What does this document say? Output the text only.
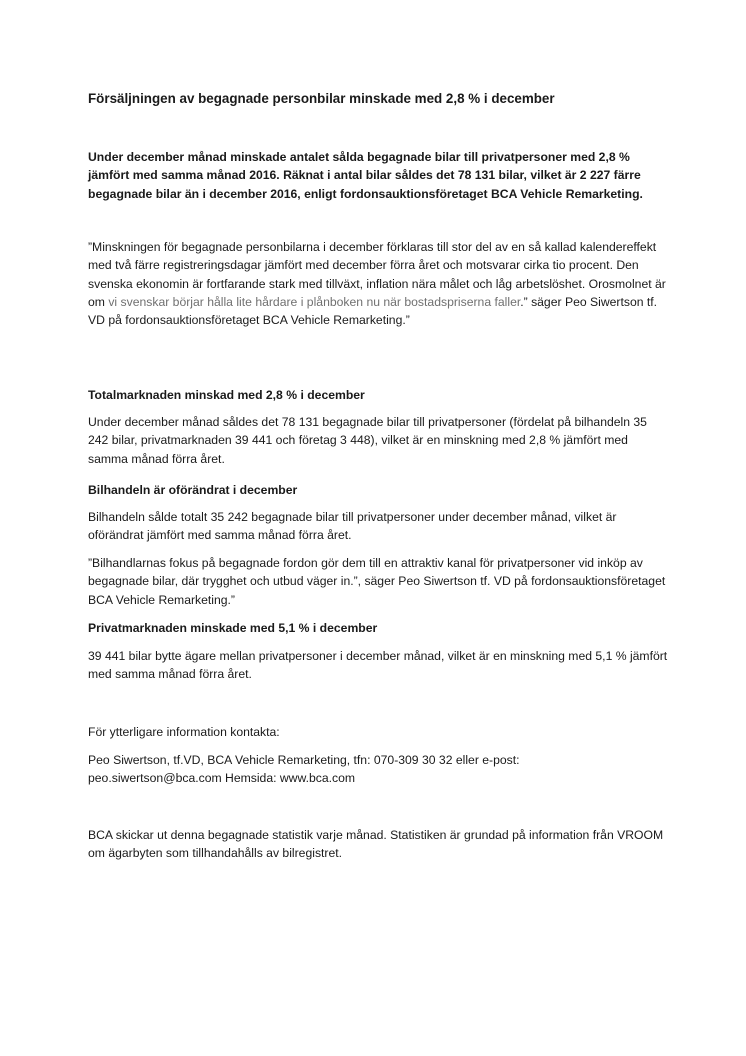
Försäljningen av begagnade personbilar minskade med 2,8 % i december

Under december månad minskade antalet sålda begagnade bilar till privatpersoner med 2,8 % jämfört med samma månad 2016. Räknat i antal bilar såldes det 78 131 bilar, vilket är 2 227 färre begagnade bilar än i december 2016, enligt fordonsauktionsföretaget BCA Vehicle Remarketing.

”Minskningen för begagnade personbilarna i december förklaras till stor del av en så kallad kalendereffekt med två färre registreringsdagar jämfört med december förra året och motsvarar cirka tio procent. Den svenska ekonomin är fortfarande stark med tillväxt, inflation nära målet och låg arbetslöshet. Orosmolnet är om vi svenskar börjar hålla lite hårdare i plånboken nu när bostadspriserna faller.” säger Peo Siwertson tf. VD på fordonsauktionsföretaget BCA Vehicle Remarketing.”

Totalmarknaden minskad med 2,8 % i december

Under december månad såldes det 78 131 begagnade bilar till privatpersoner (fördelat på bilhandeln 35 242 bilar, privatmarknaden 39 441 och företag 3 448), vilket är en minskning med 2,8 % jämfört med samma månad förra året.

Bilhandeln är oförändrat i december

Bilhandeln sålde totalt 35 242 begagnade bilar till privatpersoner under december månad, vilket är oförändrat jämfört med samma månad förra året.

”Bilhandlarnas fokus på begagnade fordon gör dem till en attraktiv kanal för privatpersoner vid inköp av begagnade bilar, där trygghet och utbud väger in.”, säger Peo Siwertson tf. VD på fordonsauktionsföretaget BCA Vehicle Remarketing.”

Privatmarknaden minskade med 5,1 % i december

39 441 bilar bytte ägare mellan privatpersoner i december månad, vilket är en minskning med 5,1 % jämfört med samma månad förra året.

För ytterligare information kontakta:

Peo Siwertson, tf.VD, BCA Vehicle Remarketing, tfn: 070-309 30 32 eller e-post: peo.siwertson@bca.com Hemsida: www.bca.com

BCA skickar ut denna begagnade statistik varje månad. Statistiken är grundad på information från VROOM om ägarbyten som tillhandahålls av bilregistret.
